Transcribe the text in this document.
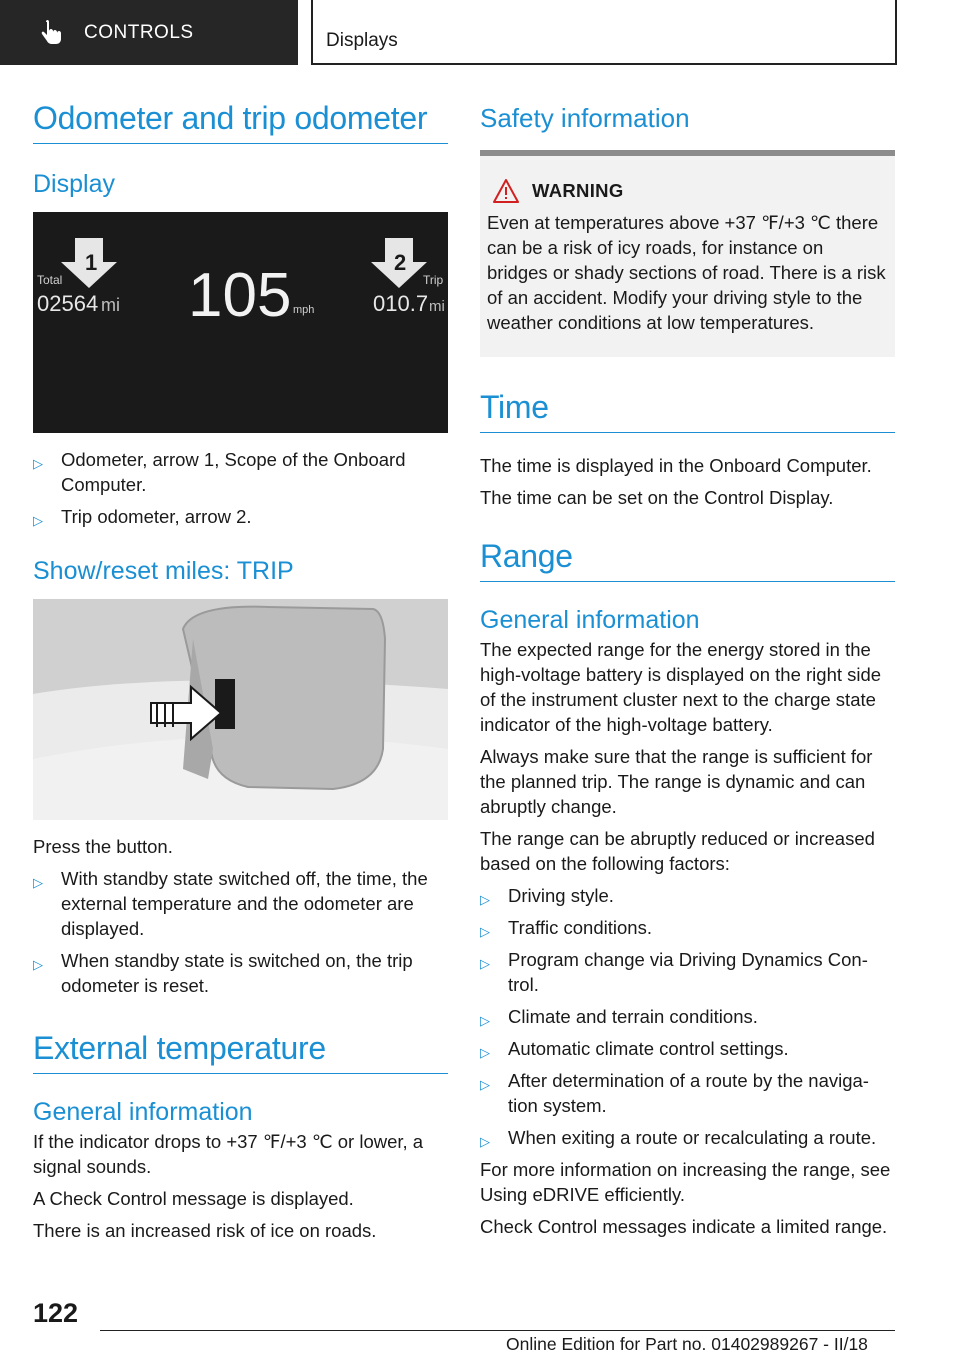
CONTROLS	Displays
Odometer and trip odometer
Display
1	2
Total
02564 mi 105 mph
Trip
010.7 mi
▷ Odometer, arrow 1, Scope of the Onboard Computer.
▷ Trip odometer, arrow 2.
Show/reset miles: TRIP

Press the button.

▷ With standby state switched off, the time, the external temperature and the odometer are displayed.
▷ When standby state is switched on, the trip odometer is reset.
External temperature
General information

If the indicator drops to +37 ℉/+3 ℃ or lower, a signal sounds.

A Check Control message is displayed.

There is an increased risk of ice on roads.

Safety information
WARNING

Even at temperatures above +37 ℉/+3 ℃ there can be a risk of icy roads, for instance on bridges or shady sections of road. There is a risk of an accident. Modify your driving style to the weather conditions at low temperatures.

Time

The time is displayed in the Onboard Computer.

The time can be set on the Control Display.

Range
General information

The expected range for the energy stored in the high-voltage battery is displayed on the right side of the instrument cluster next to the charge state indicator of the high-voltage battery.

Always make sure that the range is sufficient for the planned trip. The range is dynamic and can abruptly change.

The range can be abruptly reduced or increased based on the following factors:

▷ Driving style.
▷ Traffic conditions.
▷ Program change via Driving Dynamics Con-trol.
▷ Climate and terrain conditions.
▷ Automatic climate control settings.
▷ After determination of a route by the naviga-tion system.
▷ When exiting a route or recalculating a route.

For more information on increasing the range, see Using eDRIVE efficiently.

Check Control messages indicate a limited range.

122
Online Edition for Part no. 01402989267 - II/18
